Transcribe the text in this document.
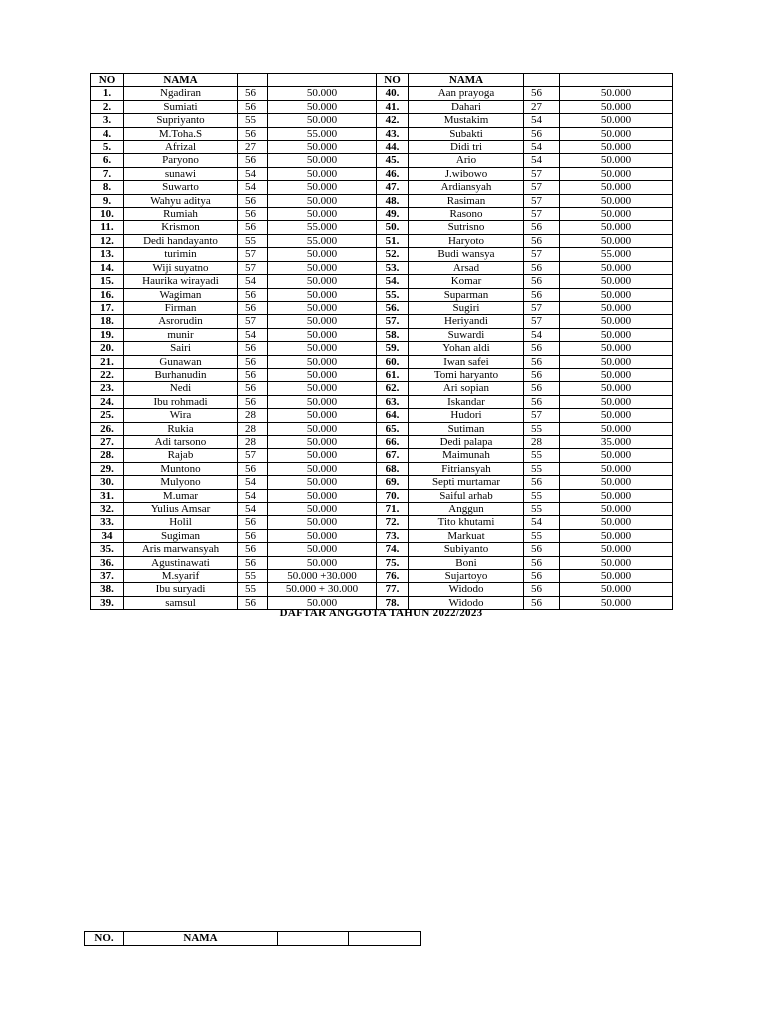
NO	NAMA			NO	NAMA		
1.	Ngadiran	56	50.000	40.	Aan prayoga	56	50.000
2.	Sumiati	56	50.000	41.	Dahari	27	50.000
3.	Supriyanto	55	50.000	42.	Mustakim	54	50.000
4.	M.Toha.S	56	55.000	43.	Subakti	56	50.000
5.	Afrizal	27	50.000	44.	Didi tri	54	50.000
6.	Paryono	56	50.000	45.	Ario	54	50.000
7.	sunawi	54	50.000	46.	J.wibowo	57	50.000
8.	Suwarto	54	50.000	47.	Ardiansyah	57	50.000
9.	Wahyu aditya	56	50.000	48.	Rasiman	57	50.000
10.	Rumiah	56	50.000	49.	Rasono	57	50.000
11.	Krismon	56	55.000	50.	Sutrisno	56	50.000
12.	Dedi handayanto	55	55.000	51.	Haryoto	56	50.000
13.	turimin	57	50.000	52.	Budi wansya	57	55.000
14.	Wiji suyatno	57	50.000	53.	Arsad	56	50.000
15.	Haurika wirayadi	54	50.000	54.	Komar	56	50.000
16.	Wagiman	56	50.000	55.	Suparman	56	50.000
17.	Firman	56	50.000	56.	Sugiri	57	50.000
18.	Asrorudin	57	50.000	57.	Heriyandi	57	50.000
19.	munir	54	50.000	58.	Suwardi	54	50.000
20.	Sairi	56	50.000	59.	Yohan aldi	56	50.000
21.	Gunawan	56	50.000	60.	Iwan safei	56	50.000
22.	Burhanudin	56	50.000	61.	Tomi haryanto	56	50.000
23.	Nedi	56	50.000	62.	Ari sopian	56	50.000
24.	Ibu rohmadi	56	50.000	63.	Iskandar	56	50.000
25.	Wira	28	50.000	64.	Hudori	57	50.000
26.	Rukia	28	50.000	65.	Sutiman	55	50.000
27.	Adi tarsono	28	50.000	66.	Dedi palapa	28	35.000
28.	Rajab	57	50.000	67.	Maimunah	55	50.000
29.	Muntono	56	50.000	68.	Fitriansyah	55	50.000
30.	Mulyono	54	50.000	69.	Septi murtamar	56	50.000
31.	M.umar	54	50.000	70.	Saiful arhab	55	50.000
32.	Yulius Amsar	54	50.000	71.	Anggun	55	50.000
33.	Holil	56	50.000	72.	Tito khutami	54	50.000
34	Sugiman	56	50.000	73.	Markuat	55	50.000
35.	Aris marwansyah	56	50.000	74.	Subiyanto	56	50.000
36.	Agustinawati	56	50.000	75.	Boni	56	50.000
37.	M.syarif	55	50.000 +30.000	76.	Sujartoyo	56	50.000
38.	Ibu suryadi	55	50.000 + 30.000	77.	Widodo	56	50.000
39.	samsul	56	50.000	78.	Widodo	56	50.000
DAFTAR ANGGOTA TAHUN 2022/2023
NO.	NAMA		
